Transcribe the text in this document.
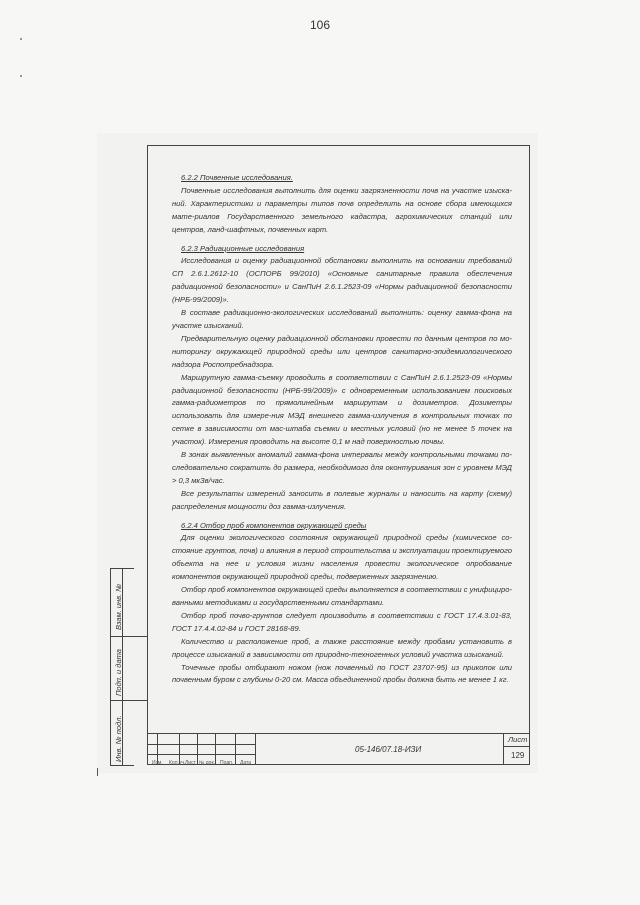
106
Взам. инв. №
Подп. и дата
Инв. № подл.

6.2.2 Почвенные исследования.

Почвенные исследования выполнить для оценки загрязненности почв на участке изыска-ний. Характеристики и параметры типов почв определить на основе сбора имеющихся мате-риалов Государственного земельного кадастра, агрохимических станций или центров, ланд-шафтных, почвенных карт.

6.2.3 Радиационные исследования

Исследования и оценку радиационной обстановки выполнить на основании требований СП 2.6.1.2612-10 (ОСПОРБ 99/2010) «Основные санитарные правила обеспечения радиационной безопасности» и СанПиН 2.6.1.2523-09 «Нормы радиационной безопасности (НРБ-99/2009)».

В составе радиационно-экологических исследований выполнить: оценку гамма-фона на участке изысканий.

Предварительную оценку радиационной обстановки провести по данным центров по мо-ниторингу окружающей природной среды или центров санитарно-эпидемиологического надзора Роспотребнадзора.

Маршрутную гамма-съемку проводить в соответствии с СанПиН 2.6.1.2523-09 «Нормы радиационной безопасности (НРБ-99/2009)» с одновременным использованием поисковых гамма-радиометров по прямолинейным маршрутам и дозиметров. Дозиметры использовать для измере-ния МЭД внешнего гамма-излучения в контрольных точках по сетке в зависимости от мас-штаба съемки и местных условий (но не менее 5 точек на участок). Измерения проводить на высоте 0,1 м над поверхностью почвы.

В зонах выявленных аномалий гамма-фона интервалы между контрольными точками по-следовательно сократить до размера, необходимого для оконтуривания зон с уровнем МЭД > 0,3 мкЗв/час.

Все результаты измерений заносить в полевые журналы и наносить на карту (схему) распределения мощности доз гамма-излучения.

6.2.4 Отбор проб компонентов окружающей среды

Для оценки экологического состояния окружающей природной среды (химическое со-стояние грунтов, почв) и влияния в период строительства и эксплуатации проектируемого объекта на нее и условия жизни населения провести экологическое опробование компонентов окружающей природной среды, подверженных загрязнению.

Отбор проб компонентов окружающей среды выполняется в соответствии с унифициро-ванными методиками и государственными стандартами.

Отбор проб почво-грунтов следует производить в соответствии с ГОСТ 17.4.3.01-83, ГОСТ 17.4.4.02-84 и ГОСТ 28168-89.

Количество и расположение проб, а также расстояние между пробами установить в процессе изысканий в зависимости от природно-техногенных условий участка изысканий.

Точечные пробы отбирают ножом (нож почвенный по ГОСТ 23707-95) из прикопок или почвенным буром с глубины 0-20 см. Масса объединенной пробы должна быть не менее 1 кг.

05-146/07.18-ИЗИ
Лист
129
Изм. Кол.уч. Лист № док. Подп. Дата
